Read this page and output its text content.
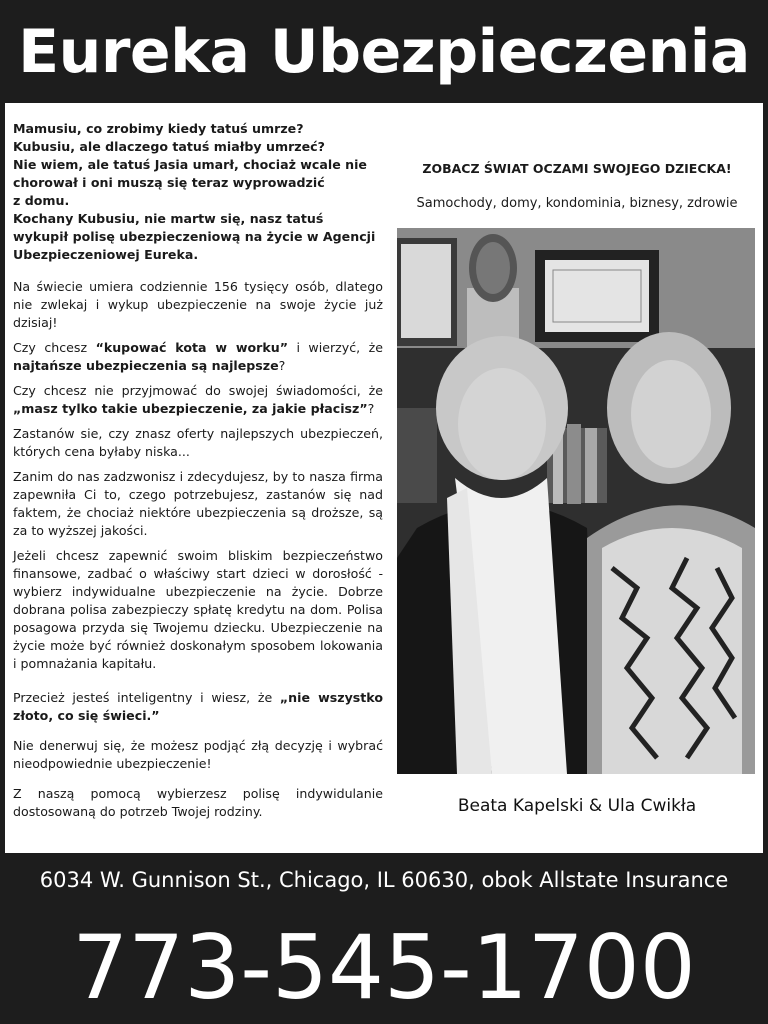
Eureka Ubezpieczenia

Mamusiu, co zrobimy kiedy tatuś umrze?

Kubusiu, ale dlaczego tatuś miałby umrzeć?

Nie wiem, ale tatuś Jasia umarł, chociaż wcale nie

chorował i oni muszą się teraz wyprowadzić

z domu.

Kochany Kubusiu, nie martw się, nasz tatuś

wykupił polisę ubezpieczeniową na życie w Agencji

Ubezpieczeniowej Eureka.

Na świecie umiera codziennie 156 tysięcy osób, dlatego nie zwlekaj i wykup ubezpieczenie na swoje życie już dzisiaj!

Czy chcesz “kupować kota w worku” i wierzyć, że najtańsze ubezpieczenia są najlepsze?

Czy chcesz nie przyjmować do swojej świadomości, że „masz tylko takie ubezpieczenie, za jakie płacisz”?

Zastanów sie, czy znasz oferty najlepszych ubezpieczeń, których cena byłaby niska...

Zanim do nas zadzwonisz i zdecydujesz, by to nasza firma zapewniła Ci to, czego potrzebujesz, zastanów się nad faktem, że chociaż niektóre ubezpieczenia są droższe, są za to wyższej jakości.

Jeżeli chcesz zapewnić swoim bliskim bezpieczeństwo finansowe, zadbać o właściwy start dzieci w dorosłość - wybierz indywidualne ubezpieczenie na życie. Dobrze dobrana polisa zabezpieczy spłatę kredytu na dom. Polisa posagowa przyda się Twojemu dziecku. Ubezpieczenie na życie może być również doskonałym sposobem lokowania i pomnażania kapitału.

Przecież jesteś inteligentny i wiesz, że „nie wszystko złoto, co się świeci.”

Nie denerwuj się, że możesz podjąć złą decyzję i wybrać nieodpowiednie ubezpieczenie!

Z naszą pomocą wybierzesz polisę indywidulanie dostosowaną do potrzeb Twojej rodziny.

ZOBACZ ŚWIAT OCZAMI SWOJEGO DZIECKA!
Samochody, domy, kondominia, biznesy, zdrowie
Beata Kapelski & Ula Cwikła
6034 W. Gunnison St., Chicago, IL 60630, obok Allstate Insurance
773-545-1700
